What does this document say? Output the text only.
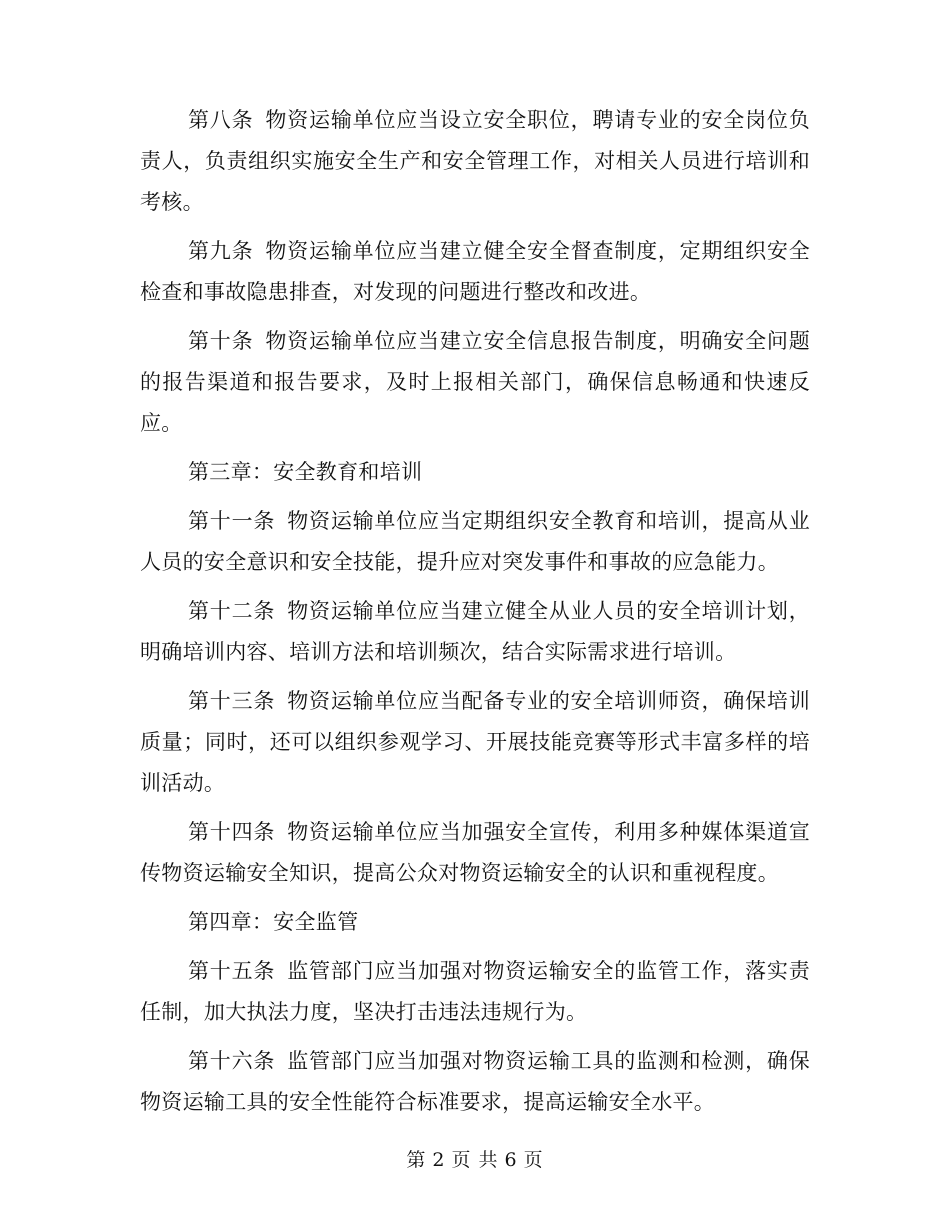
第八条 物资运输单位应当设立安全职位，聘请专业的安全岗位负责人，负责组织实施安全生产和安全管理工作，对相关人员进行培训和考核。

第九条 物资运输单位应当建立健全安全督查制度，定期组织安全检查和事故隐患排查，对发现的问题进行整改和改进。

第十条 物资运输单位应当建立安全信息报告制度，明确安全问题的报告渠道和报告要求，及时上报相关部门，确保信息畅通和快速反应。

第三章：安全教育和培训

第十一条 物资运输单位应当定期组织安全教育和培训，提高从业人员的安全意识和安全技能，提升应对突发事件和事故的应急能力。

第十二条 物资运输单位应当建立健全从业人员的安全培训计划，明确培训内容、培训方法和培训频次，结合实际需求进行培训。

第十三条 物资运输单位应当配备专业的安全培训师资，确保培训质量；同时，还可以组织参观学习、开展技能竞赛等形式丰富多样的培训活动。

第十四条 物资运输单位应当加强安全宣传，利用多种媒体渠道宣传物资运输安全知识，提高公众对物资运输安全的认识和重视程度。

第四章：安全监管

第十五条 监管部门应当加强对物资运输安全的监管工作，落实责任制，加大执法力度，坚决打击违法违规行为。

第十六条 监管部门应当加强对物资运输工具的监测和检测，确保物资运输工具的安全性能符合标准要求，提高运输安全水平。

第 2 页 共 6 页
